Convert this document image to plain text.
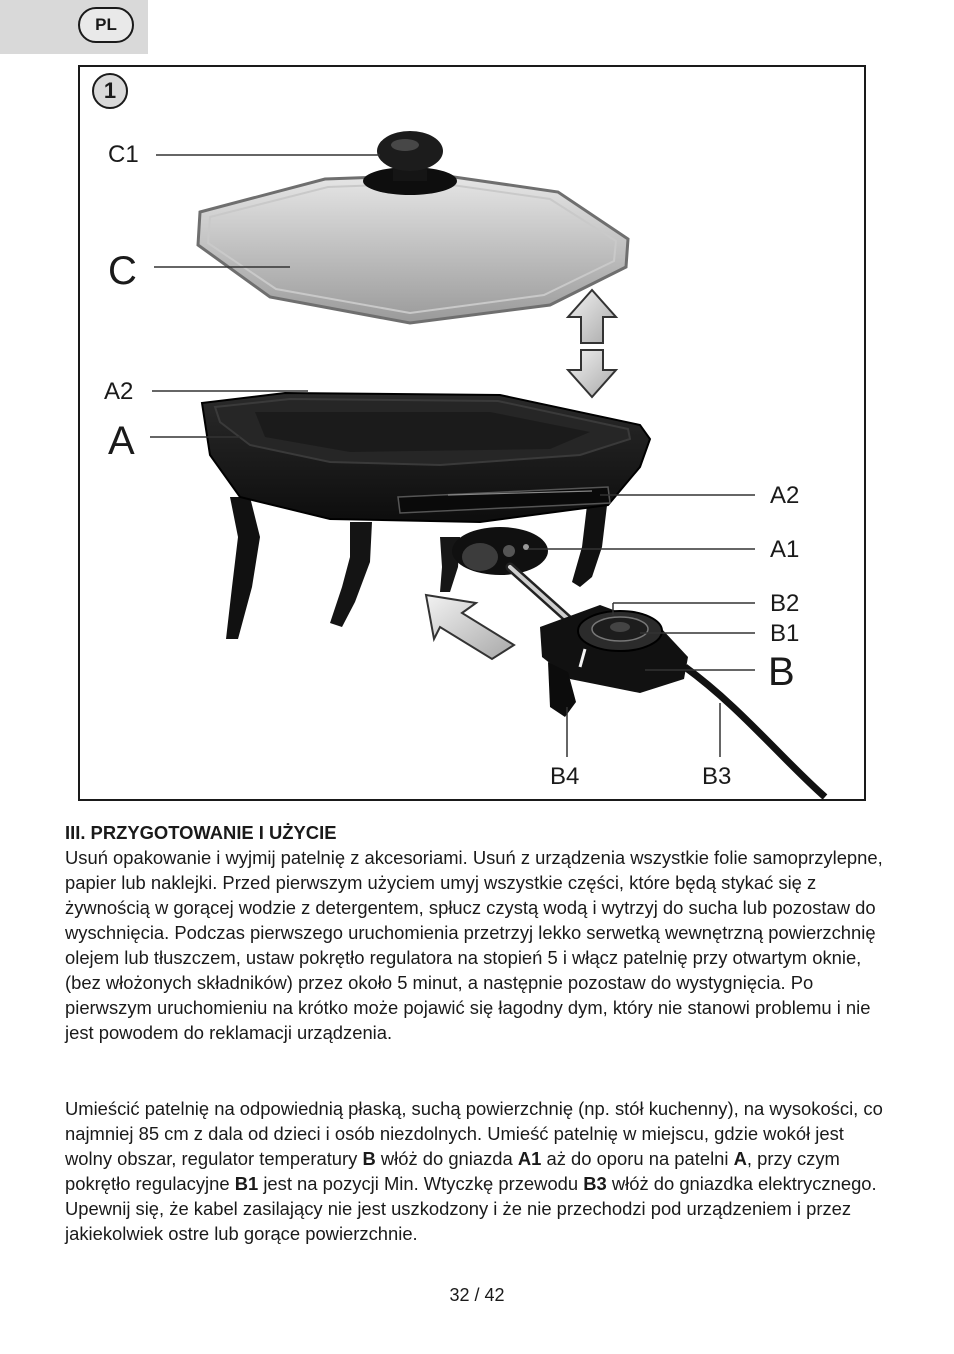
PL
1
C1
C
A2
A
A2
A1
B2
B1
B
B4	B3

III. PRZYGOTOWANIE I UŻYCIE

Usuń opakowanie i wyjmij patelnię z akcesoriami. Usuń z urządzenia wszystkie folie samoprzylepne, papier lub naklejki. Przed pierwszym użyciem umyj wszystkie części, które będą stykać się z żywnością w gorącej wodzie z detergentem, spłucz czystą wodą i wytrzyj do sucha lub pozostaw do wyschnięcia. Podczas pierwszego uruchomienia przetrzyj lekko serwetką wewnętrzną powierzchnię olejem lub tłuszczem, ustaw pokrętło regulatora na stopień 5 i włącz patelnię przy otwartym oknie, (bez włożonych składników) przez około 5 minut, a następnie pozostaw do wystygnięcia. Po pierwszym uruchomieniu na krótko może pojawić się łagodny dym, który nie stanowi problemu i nie jest powodem do reklamacji urządzenia.

Umieścić patelnię na odpowiednią płaską, suchą powierzchnię (np. stół kuchenny), na wysokości, co najmniej 85 cm z dala od dzieci i osób niezdolnych. Umieść patelnię w miejscu, gdzie wokół jest wolny obszar, regulator temperatury B włóż do gniazda A1 aż do oporu na patelni A, przy czym pokrętło regulacyjne B1 jest na pozycji Min. Wtyczkę przewodu B3 włóż do gniazdka elektrycznego. Upewnij się, że kabel zasilający nie jest uszkodzony i że nie przechodzi pod urządzeniem i przez jakiekolwiek ostre lub gorące powierzchnie.

32 / 42
